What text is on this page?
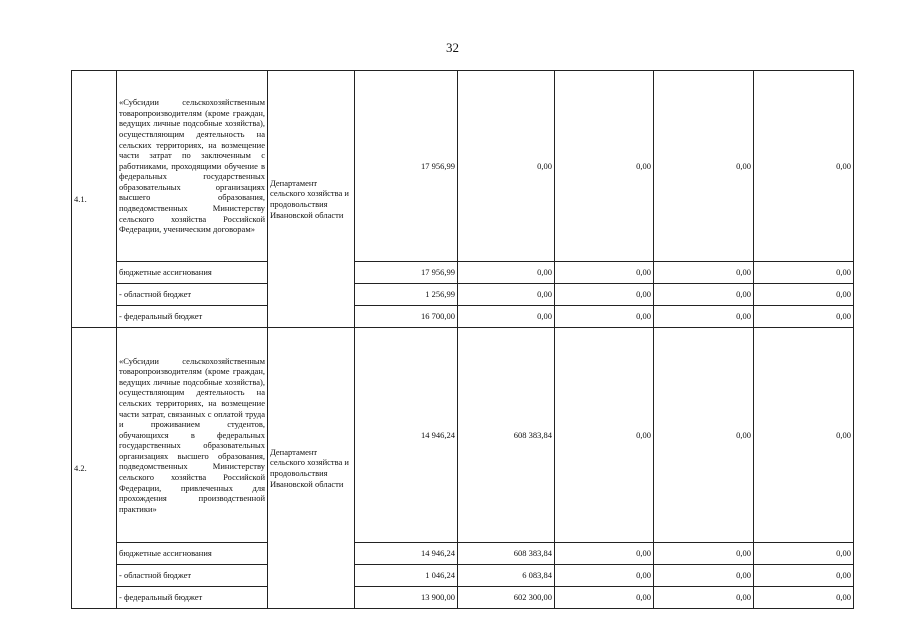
32
4.1.	«Субсидии сельскохозяйственным товаропроизводителям (кроме граждан, ведущих личные подсобные хозяйства), осуществляющим деятельность на сельских территориях, на возмещение части затрат по заключенным с работниками, проходящими обучение в федеральных государственных образовательных организациях высшего образования, подведомственных Министерству сельского хозяйства Российской Федерации, ученическим договорам»	Департамент сельского хозяйства и продовольствия Ивановской области	17 956,99	0,00	0,00	0,00	0,00
	бюджетные ассигнования		17 956,99	0,00	0,00	0,00	0,00
	- областной бюджет		1 256,99	0,00	0,00	0,00	0,00
	- федеральный бюджет		16 700,00	0,00	0,00	0,00	0,00
4.2.	«Субсидии сельскохозяйственным товаропроизводителям (кроме граждан, ведущих личные подсобные хозяйства), осуществляющим деятельность на сельских территориях, на возмещение части затрат, связанных с оплатой труда и проживанием студентов, обучающихся в федеральных государственных образовательных организациях высшего образования, подведомственных Министерству сельского хозяйства Российской Федерации, привлеченных для прохождения производственной практики»	Департамент сельского хозяйства и продовольствия Ивановской области	14 946,24	608 383,84	0,00	0,00	0,00
	бюджетные ассигнования		14 946,24	608 383,84	0,00	0,00	0,00
	- областной бюджет		1 046,24	6 083,84	0,00	0,00	0,00
	- федеральный бюджет		13 900,00	602 300,00	0,00	0,00	0,00
